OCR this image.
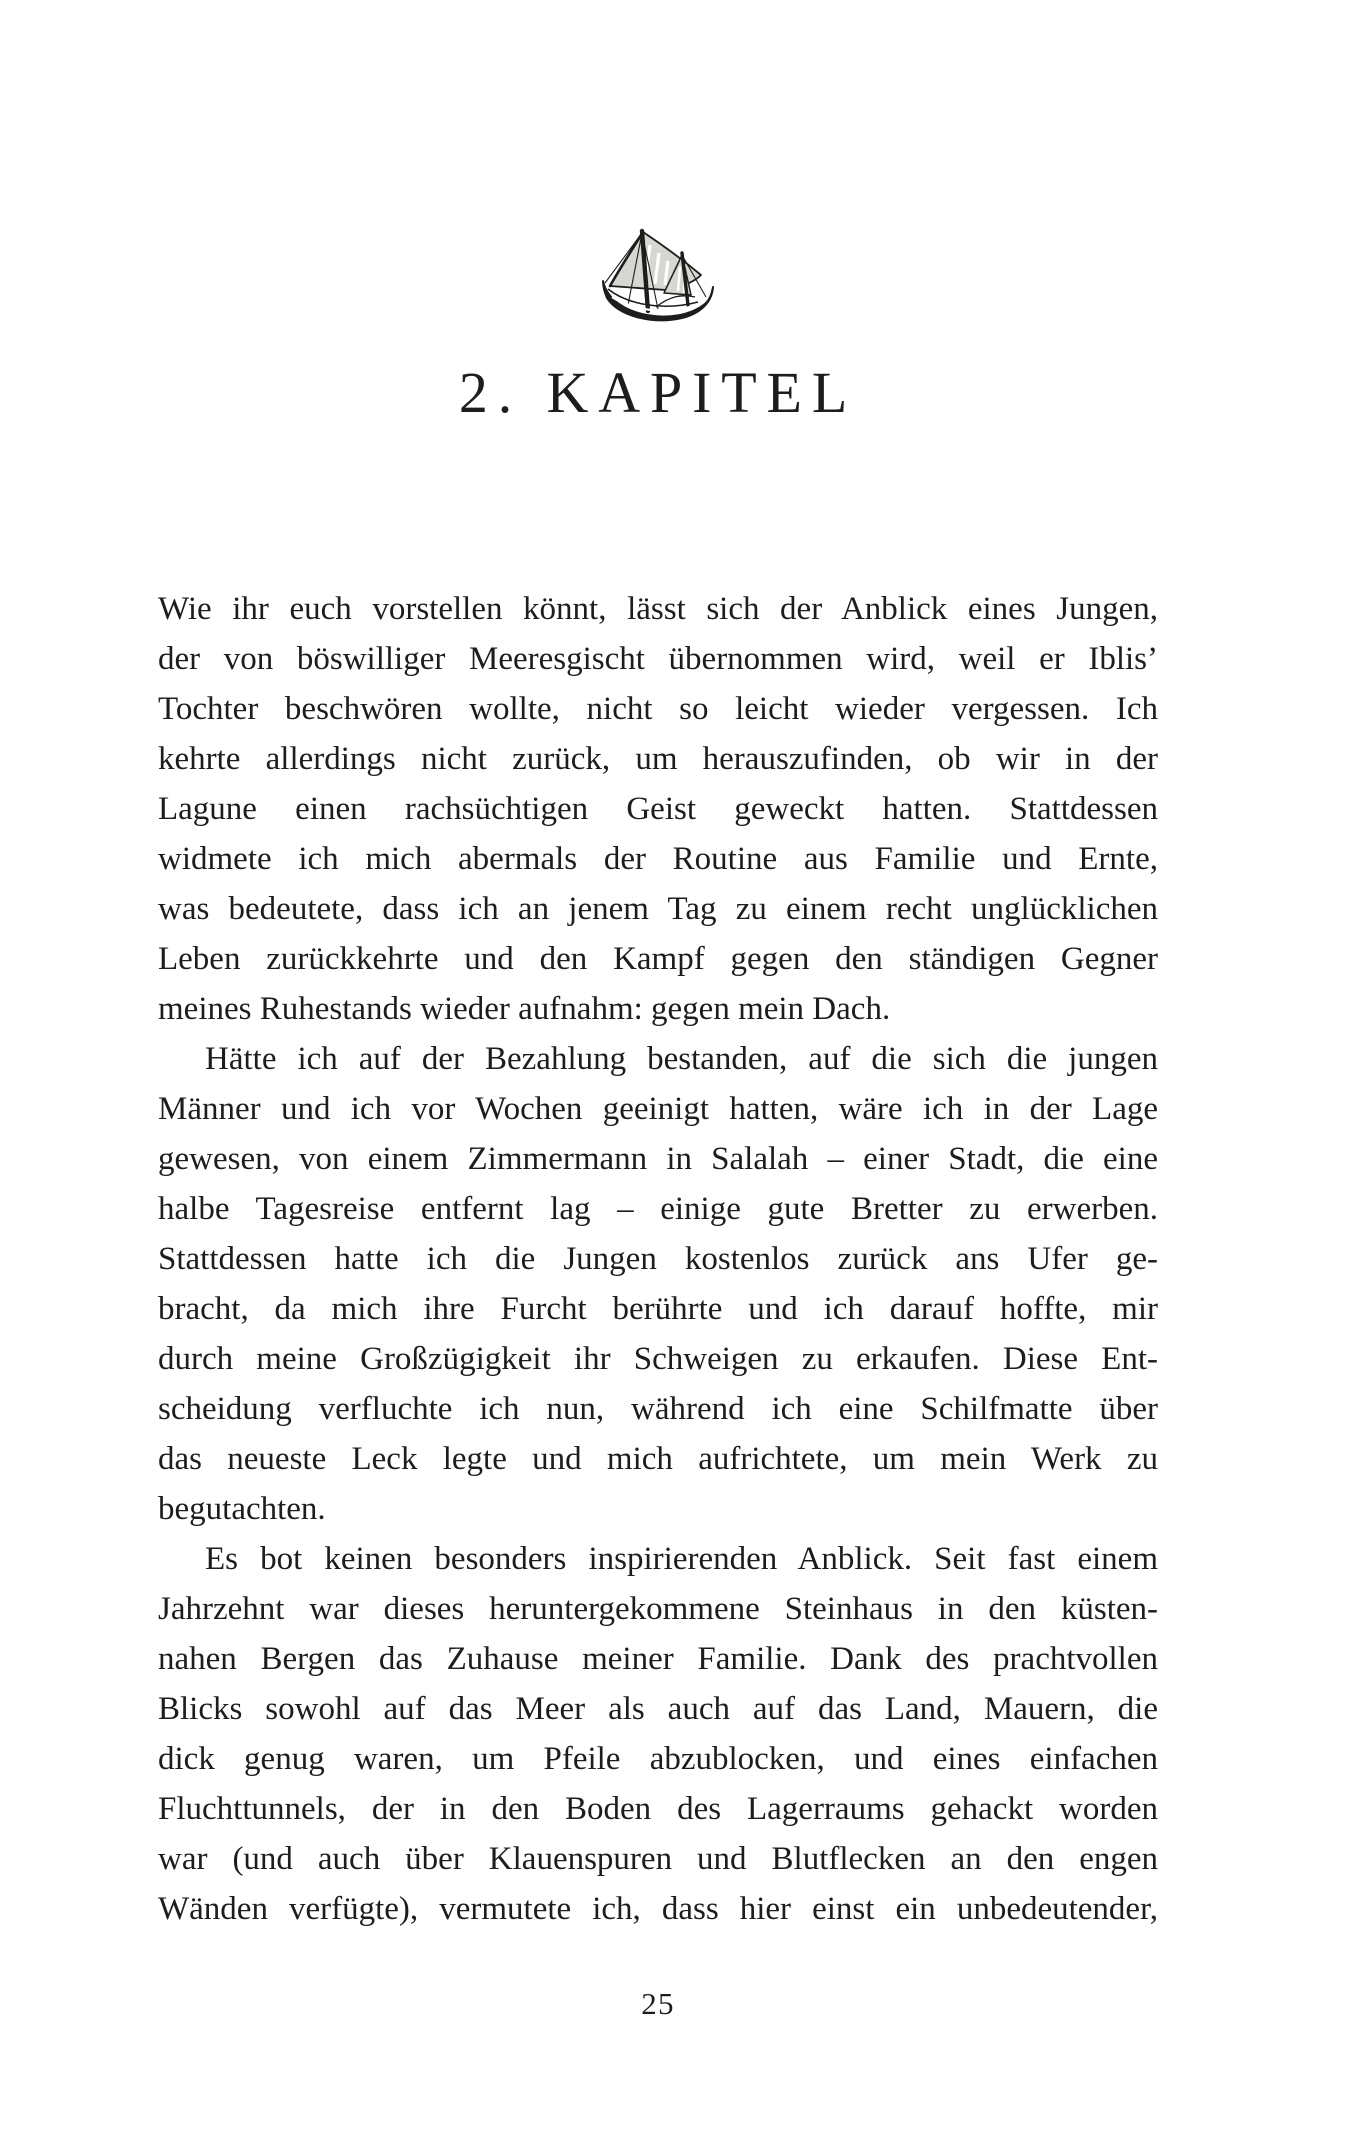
2. KAPITEL
Wie ihr euch vorstellen könnt, lässt sich der Anblick eines Jungen,
der von böswilliger Meeresgischt übernommen wird, weil er Iblis’
Tochter beschwören wollte, nicht so leicht wieder vergessen. Ich
kehrte allerdings nicht zurück, um herauszufinden, ob wir in der
Lagune einen rachsüchtigen Geist geweckt hatten. Stattdessen
widmete ich mich abermals der Routine aus Familie und Ernte,
was bedeutete, dass ich an jenem Tag zu einem recht unglücklichen
Leben zurückkehrte und den Kampf gegen den ständigen Gegner
meines Ruhestands wieder aufnahm: gegen mein Dach.
Hätte ich auf der Bezahlung bestanden, auf die sich die jungen
Männer und ich vor Wochen geeinigt hatten, wäre ich in der Lage
gewesen, von einem Zimmermann in Salalah – einer Stadt, die eine
halbe Tagesreise entfernt lag – einige gute Bretter zu erwerben.
Stattdessen hatte ich die Jungen kostenlos zurück ans Ufer ge-
bracht, da mich ihre Furcht berührte und ich darauf hoffte, mir
durch meine Großzügigkeit ihr Schweigen zu erkaufen. Diese Ent-
scheidung verfluchte ich nun, während ich eine Schilfmatte über
das neueste Leck legte und mich aufrichtete, um mein Werk zu
begutachten.
Es bot keinen besonders inspirierenden Anblick. Seit fast einem
Jahrzehnt war dieses heruntergekommene Steinhaus in den küsten-
nahen Bergen das Zuhause meiner Familie. Dank des prachtvollen
Blicks sowohl auf das Meer als auch auf das Land, Mauern, die
dick genug waren, um Pfeile abzublocken, und eines einfachen
Fluchttunnels, der in den Boden des Lagerraums gehackt worden
war (und auch über Klauenspuren und Blutflecken an den engen
Wänden verfügte), vermutete ich, dass hier einst ein unbedeutender,
25
